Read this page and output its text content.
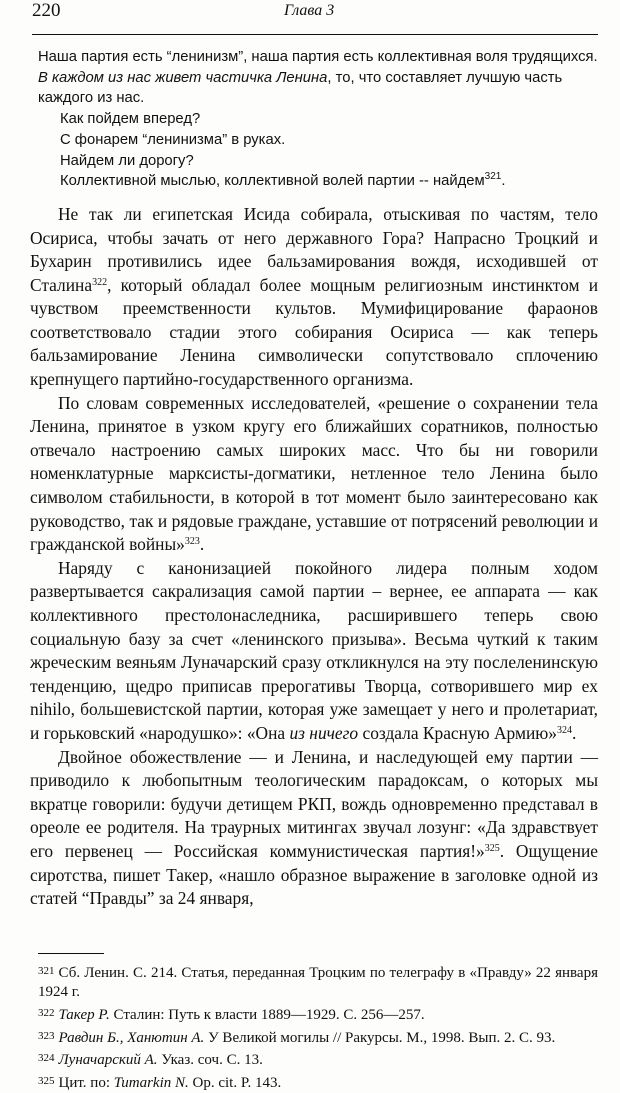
220	Глава 3

Наша партия есть “ленинизм”, наша партия есть коллективная воля трудящихся. В каждом из нас живет частичка Ленина, то, что составляет лучшую часть каждого из нас.

Как пойдем вперед?
С фонарем “ленинизма” в руках.
Найдем ли дорогу?
Коллективной мыслью, коллективной волей партии -- найдем$^{321}$.

Не так ли египетская Исида собирала, отыскивая по частям, тело Осириса, чтобы зачать от него державного Гора? Напрасно Троцкий и Бухарин противились идее бальзамирования вождя, исходившей от Сталина$^{322}$, который обладал более мощным религиозным инстинктом и чувством преемственности культов. Мумифицирование фараонов соответствовало стадии этого собирания Осириса — как теперь бальзамирование Ленина символически сопутствовало сплочению крепнущего партийно-государственного организма.

По словам современных исследователей, «решение о сохранении тела Ленина, принятое в узком кругу его ближайших соратников, полностью отвечало настроению самых широких масс. Что бы ни говорили номенклатурные марксисты-догматики, нетленное тело Ленина было символом стабильности, в которой в тот момент было заинтересовано как руководство, так и рядовые граждане, уставшие от потрясений революции и гражданской войны»$^{323}$.

Наряду с канонизацией покойного лидера полным ходом развертывается сакрализация самой партии – вернее, ее аппарата — как коллективного престолонаследника, расширившего теперь свою социальную базу за счет «ленинского призыва». Весьма чуткий к таким жреческим веяньям Луначарский сразу откликнулся на эту послеленинскую тенденцию, щедро приписав прерогативы Творца, сотворившего мир ex nihilo, большевистской партии, которая уже замещает у него и пролетариат, и горьковский «народушко»: «Она из ничего создала Красную Армию»$^{324}$.

Двойное обожествление — и Ленина, и наследующей ему партии — приводило к любопытным теологическим парадоксам, о которых мы вкратце говорили: будучи детищем РКП, вождь одновременно представал в ореоле ее родителя. На траурных митингах звучал лозунг: «Да здравствует его первенец — Российская коммунистическая партия!»$^{325}$. Ощущение сиротства, пишет Такер, «нашло образное выражение в заголовке одной из статей “Правды” за 24 января,

$^{321}$ Сб. Ленин. С. 214. Статья, переданная Троцким по телеграфу в «Правду» 22 января 1924 г.

$^{322}$ Такер Р. Сталин: Путь к власти 1889—1929. С. 256—257.

$^{323}$ Равдин Б., Ханютин А. У Великой могилы // Ракурсы. М., 1998. Вып. 2. С. 93.

$^{324}$ Луначарский А. Указ. соч. С. 13.

$^{325}$ Цит. по: Tumarkin N. Op. cit. P. 143.
